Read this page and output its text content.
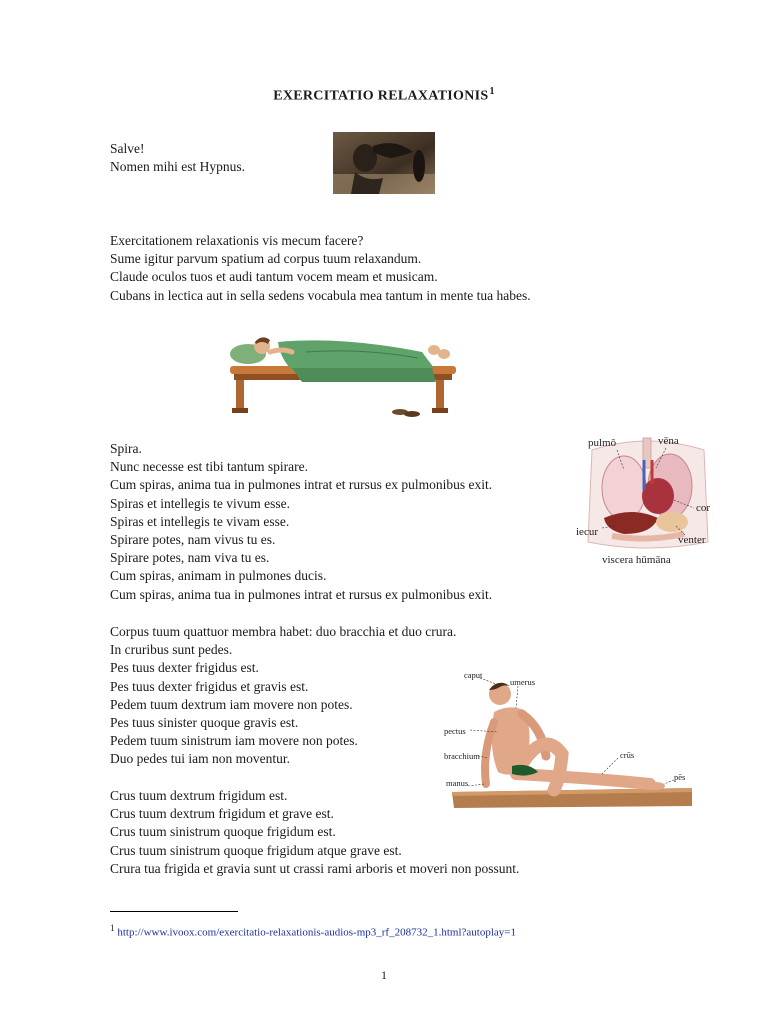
EXERCITATIO RELAXATIONIS$^1$
Salve!
Nomen mihi est Hypnus.
Exercitationem relaxationis vis mecum facere?
Sume igitur parvum spatium ad corpus tuum relaxandum.
Claude oculos tuos et audi tantum vocem meam et musicam.
Cubans in lectica aut in sella sedens vocabula mea tantum in mente tua habes.
Spira.
Nunc necesse est tibi tantum spirare.
Cum spiras, anima tua in pulmones intrat et rursus ex pulmonibus exit.
Spiras et intellegis te vivum esse.
Spiras et intellegis te vivam esse.
Spirare potes, nam vivus tu es.
Spirare potes, nam viva tu es.
Cum spiras, animam in pulmones ducis.
Cum spiras, anima tua in pulmones intrat et rursus ex pulmonibus exit.
pulmō	vēna
cor
iecur
venter
viscera hūmāna
Corpus tuum quattuor membra habet: duo bracchia et duo crura.
In cruribus sunt pedes.
Pes tuus dexter frigidus est.
Pes tuus dexter frigidus et gravis est.
Pedem tuum dextrum iam movere non potes.
Pes tuus sinister quoque gravis est.
Pedem tuum sinistrum iam movere non potes.
Duo pedes tui iam non moventur.
caput
umerus
pectus
bracchium	crūs
manus
pēs
Crus tuum dextrum frigidum est.
Crus tuum dextrum frigidum et grave est.
Crus tuum sinistrum quoque frigidum est.
Crus tuum sinistrum quoque frigidum atque grave est.
Crura tua frigida et gravia sunt ut crassi rami arboris et moveri non possunt.
$^1$ http://www.ivoox.com/exercitatio-relaxationis-audios-mp3_rf_208732_1.html?autoplay=1
1
